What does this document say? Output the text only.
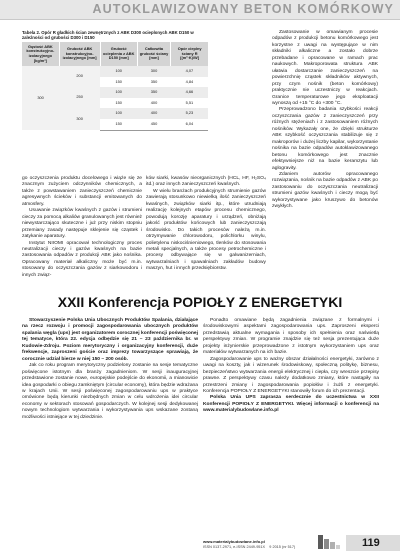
AUTOKLAWIZOWANY BETON KOMÓRKOWY

Tabela 2. Opór R gładkich ścian zewnętrznych z ABK D300 ocieplonych ABK D150 w zależności od grubości D300 i D150

Gęstość ABK konstrukcyjno-izolacyjnego [kg/m³]	Grubość ABK konstrukcyjno-izolacyjnego [mm]	Grubość ocieplenia z ABK D150 [mm]	Całkowita grubość ściany [mm]	Opór cieplny ściany R [(m²·K)/W]
300	200	100	300	4,07
		150	350	4,84
	250	100	350	4,66
		150	400	5,51
	300	100	400	5,23
		150	450	6,04

go oczyszczenia produktu docelowego i wiąże się ze znacznym zużyciem odczynników chemicznych, a także z powstawaniem zanieczyszczeń chemicznie agresywnych ścieków i substancji emitowanych do atmosfery.

Usuwanie związków kwaśnych z gazów i strumieni cieczy za pomocą alkaliów granulowanych jest również niewystarczająco skuteczne i już przy niskim stopniu przemiany zasady następuje sklejenie się cząstek i zatykanie aparatury.

Instytut NIIOMI opracował technologiczny proces neutralizacji cieczy i gazów kwaśnych na bazie zastosowania odpadów z produkcji ABK jako nośnika. Opracowany materiał alkaliczny może być m.in. stosowany do oczyszczania gazów z siarkowodoru i innych związ-

ków siarki, kwasów nieorganicznych (HCL, HF, H₂SO₄ itd.) oraz innych zanieczyszczeń kwaśnych.

W wielu branżach produkcyjnych strumienie gazów zawierają stosunkowo niewielką ilość zanieczyszczeń kwaśnych, związków siarki itp., które utrudniają realizację kolejnych etapów procesu chemicznego, powodują korozję aparatury i urządzeń, obniżają jakość produktów końcowych lub zanieczyszczają środowisko. Do takich procesów należą m.in. otrzymywanie chlorowodoru, polichlorku winylu, polietylenu niskociśnieniowego, tlenków do stosowania metali specjalnych, a także procesy petrochemiczne i procesy odbywające się w galwanizerniach, wytwarzalniach i spawalniach zakładów budowy maszyn, hut i innych przedsiębiorstw.

Zastosowanie w omawianym procesie odpadów z produkcji betonu komórkowego jest korzystne z uwagi na występujące w nim składniki alkaliczne a zostało dobrze przebadane i opracowane w ramach prac naukowych. Makroporowata struktura ABK ułatwia dostarczanie zanieczyszczeń na powierzchnię cząstek składników aktywnych, przy czym nośnik (beton komórkowy) praktycznie nie uczestniczy w reakcjach. Granice temperaturowe jego eksploatacji wynoszą od +15 °C do +300 °C.

Przeprowadzono badania szybkości reakcji oczyszczania gazów z zanieczyszczeń przy różnych stężeniach i z zastosowaniem różnych nośników. Wykazały one, że dzięki strukturze ABK szybkość oczyszczania stabilizuje się z makroporów i dużej liczby kapilar, wykorzystanie nośnika na bazie odpadów autoklawizowanego betonu komórkowego jest znacznie efektywniejsze niż na bazie keramzytu lub aglogravity.

Zdaniem autorów opracowanego rozwiązania, nośnik na bazie odpadów z ABK po zastosowaniu do oczyszczania neutralizacji strumieni gazów kwaśnych i cieczy mogą być wykorzystywane jako kruszywo do betonów zwykłych.

XXII Konferencja POPIOŁY Z ENERGETYKI

Stowarzyszenie Polska Unia Ubocznych Produktów Spalania, działające na rzecz rozwoju i promocji zagospodarowania ubocznych produktów spalania węgla (ups) jest organizatorem corocznej konferencji poświęconej tej tematyce, która 22. edycja odbędzie się 21 – 23 października br. w Kudowie-Zdroju. Poziom merytoryczny i organizacyjny konferencji, duże frekwencje, zaproszeni goście oraz imprezy towarzyszące sprawiają, że corocznie udział bierze w niej 150 – 200 osób.

Jak co roku program merytoryczny podzielony zostanie na sesje tematyczne poświęcone istotnym dla branży zagadnieniom. W sesji inauguracyjnej przedstawione zostanie nowe, europejskie podejście do ekonomii, a mianowicie idea gospodarki o obiegu zamkniętym (circular economy), która będzie wdrażana w krajach Unii. W sesji poświęconej zagospodarowaniu ups w praktyce omówione będą kierunki niezbędnych zmian w celu wdrożenia idei circular economy w sektorach stosowań gospodarczych. W kolejnej sesji dedykowanej nowym technologiom wytwarzania i wykorzystywania ups wskazane zostaną możliwości istniejące w tej dziedzinie.

Ponadto omawiane będą zagadnienia związane z formalnymi i środowiskowymi aspektami zagospodarowania ups. Zaproszeni eksperci przedstawią aktualne wymagania i sposoby ich spełnienia oraz naświetlą perspektywy zmian. W programie znajdzie się też sesja prezentująca duże projekty inżynierskie przeprowadzone z istotnym wykorzystaniem ups oraz materiałów wytwarzanych na ich bazie.

Zagospodarowanie ups to ważny obszar działalności energetyki, zarówno z uwagi na koszty, jak i wizerunek środowiskowy, społeczną politykę, biznesu, bezpieczeństwo wytwarzania energii elektrycznej i ciepła, czy wreszcie przepisy prawne. Z perspektywy czasu należy dodatkowo zmiany, które nastąpiły na przestrzeni zmiany i zagospodarowania popiołów i żużli z energetyki. Konferencja POPIOŁY Z ENERGETYKI stanowiły forum do ich prezentacji.

Polska Unia UPS zaprasza serdecznie do uczestnictwa w XXII Konferencji POPIOŁY Z ENERGETYKI. Więcej informacji o konferencji na www.materialybudowlane.info.pl

www.materialybudowlane.info.pl
ISSN 0137-2971, e-ISSN 2449-951X 9 2015 (nr 517)	119
